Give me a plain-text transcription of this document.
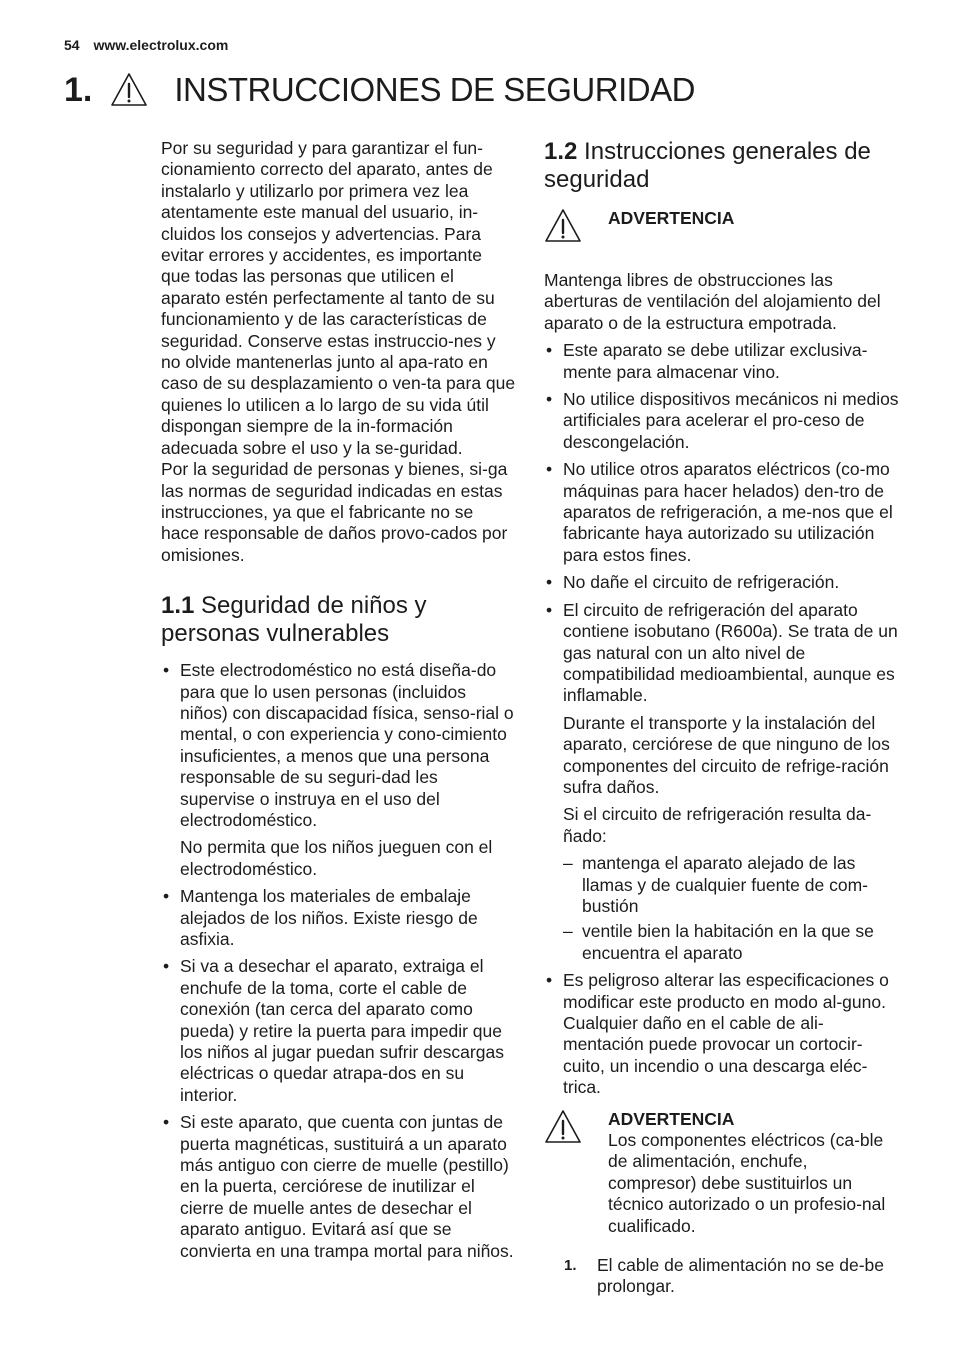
54 www.electrolux.com
1. INSTRUCCIONES DE SEGURIDAD

Por su seguridad y para garantizar el fun-cionamiento correcto del aparato, antes de instalarlo y utilizarlo por primera vez lea atentamente este manual del usuario, in-cluidos los consejos y advertencias. Para evitar errores y accidentes, es importante que todas las personas que utilicen el aparato estén perfectamente al tanto de su funcionamiento y de las características de seguridad. Conserve estas instruccio-nes y no olvide mantenerlas junto al apa-rato en caso de su desplazamiento o ven-ta para que quienes lo utilicen a lo largo de su vida útil dispongan siempre de la in-formación adecuada sobre el uso y la se-guridad.

Por la seguridad de personas y bienes, si-ga las normas de seguridad indicadas en estas instrucciones, ya que el fabricante no se hace responsable de daños provo-cados por omisiones.

1.1 Seguridad de niños y personas vulnerables
• Este electrodoméstico no está diseña-do para que lo usen personas (incluidos niños) con discapacidad física, senso-rial o mental, o con experiencia y cono-cimiento insuficientes, a menos que una persona responsable de su seguri-dad les supervise o instruya en el uso del electrodoméstico.

No permita que los niños jueguen con el electrodoméstico.

• Mantenga los materiales de embalaje alejados de los niños. Existe riesgo de asfixia.
• Si va a desechar el aparato, extraiga el enchufe de la toma, corte el cable de conexión (tan cerca del aparato como pueda) y retire la puerta para impedir que los niños al jugar puedan sufrir descargas eléctricas o quedar atrapa-dos en su interior.
• Si este aparato, que cuenta con juntas de puerta magnéticas, sustituirá a un aparato más antiguo con cierre de muelle (pestillo) en la puerta, cerciórese de inutilizar el cierre de muelle antes de desechar el aparato antiguo. Evitará así que se convierta en una trampa mortal para niños.
1.2 Instrucciones generales de seguridad
ADVERTENCIA

Mantenga libres de obstrucciones las aberturas de ventilación del alojamiento del aparato o de la estructura empotrada.

• Este aparato se debe utilizar exclusiva-mente para almacenar vino.
• No utilice dispositivos mecánicos ni medios artificiales para acelerar el pro-ceso de descongelación.
• No utilice otros aparatos eléctricos (co-mo máquinas para hacer helados) den-tro de aparatos de refrigeración, a me-nos que el fabricante haya autorizado su utilización para estos fines.
• No dañe el circuito de refrigeración.
• El circuito de refrigeración del aparato contiene isobutano (R600a). Se trata de un gas natural con un alto nivel de compatibilidad medioambiental, aunque es inflamable.

Durante el transporte y la instalación del aparato, cerciórese de que ninguno de los componentes del circuito de refrige-ración sufra daños.

Si el circuito de refrigeración resulta da-ñado:

– mantenga el aparato alejado de las llamas y de cualquier fuente de com-bustión
– ventile bien la habitación en la que se encuentra el aparato
• Es peligroso alterar las especificaciones o modificar este producto en modo al-guno. Cualquier daño en el cable de ali-mentación puede provocar un cortocir-cuito, un incendio o una descarga eléc-trica.
ADVERTENCIA
Los componentes eléctricos (ca-ble de alimentación, enchufe, compresor) debe sustituirlos un técnico autorizado o un profesio-nal cualificado.
1. El cable de alimentación no se de-be prolongar.
